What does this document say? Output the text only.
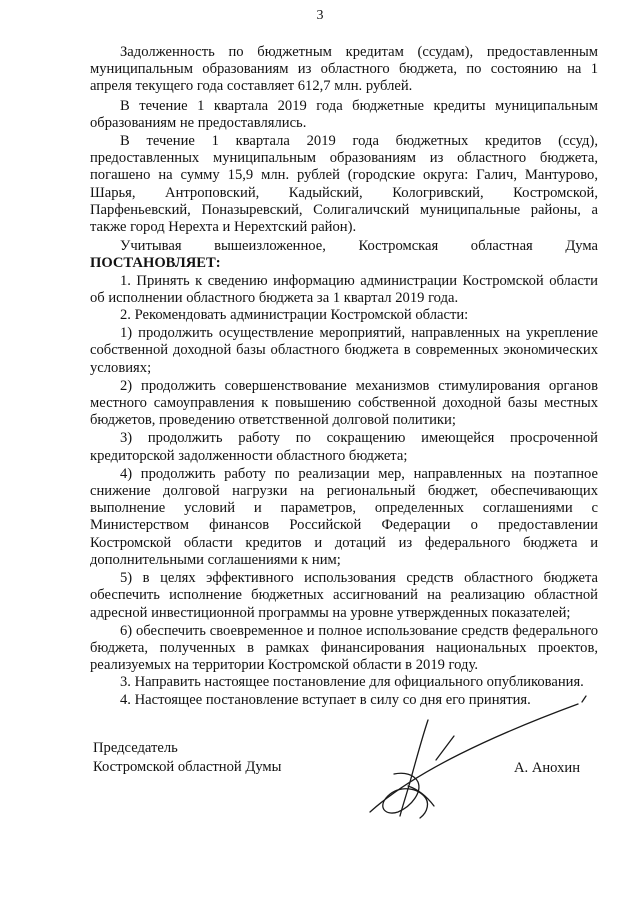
3

Задолженность по бюджетным кредитам (ссудам), предоставленным муниципальным образованиям из областного бюджета, по состоянию на 1 апреля текущего года составляет 612,7 млн. рублей.

В течение 1 квартала 2019 года бюджетные кредиты муниципальным образованиям не предоставлялись.

В течение 1 квартала 2019 года бюджетных кредитов (ссуд), предоставленных муниципальным образованиям из областного бюджета, погашено на сумму 15,9 млн. рублей (городские округа: Галич, Мантурово, Шарья, Антроповский, Кадыйский, Кологривский, Костромской, Парфеньевский, Поназыревский, Солигаличский муниципальные районы, а также город Нерехта и Нерехтский район).

Учитывая вышеизложенное, Костромская областная Дума ПОСТАНОВЛЯЕТ:

1. Принять к сведению информацию администрации Костромской области об исполнении областного бюджета за 1 квартал 2019 года.

2. Рекомендовать администрации Костромской области:

1) продолжить осуществление мероприятий, направленных на укрепление собственной доходной базы областного бюджета в современных экономических условиях;

2) продолжить совершенствование механизмов стимулирования органов местного самоуправления к повышению собственной доходной базы местных бюджетов, проведению ответственной долговой политики;

3) продолжить работу по сокращению имеющейся просроченной кредиторской задолженности областного бюджета;

4) продолжить работу по реализации мер, направленных на поэтапное снижение долговой нагрузки на региональный бюджет, обеспечивающих выполнение условий и параметров, определенных соглашениями с Министерством финансов Российской Федерации о предоставлении Костромской области кредитов и дотаций из федерального бюджета и дополнительными соглашениями к ним;

5) в целях эффективного использования средств областного бюджета обеспечить исполнение бюджетных ассигнований на реализацию областной адресной инвестиционной программы на уровне утвержденных показателей;

6) обеспечить своевременное и полное использование средств федерального бюджета, полученных в рамках финансирования национальных проектов, реализуемых на территории Костромской области в 2019 году.

3. Направить настоящее постановление для официального опубликования.

4. Настоящее постановление вступает в силу со дня его принятия.

Председатель
Костромской областной Думы	А. Анохин
